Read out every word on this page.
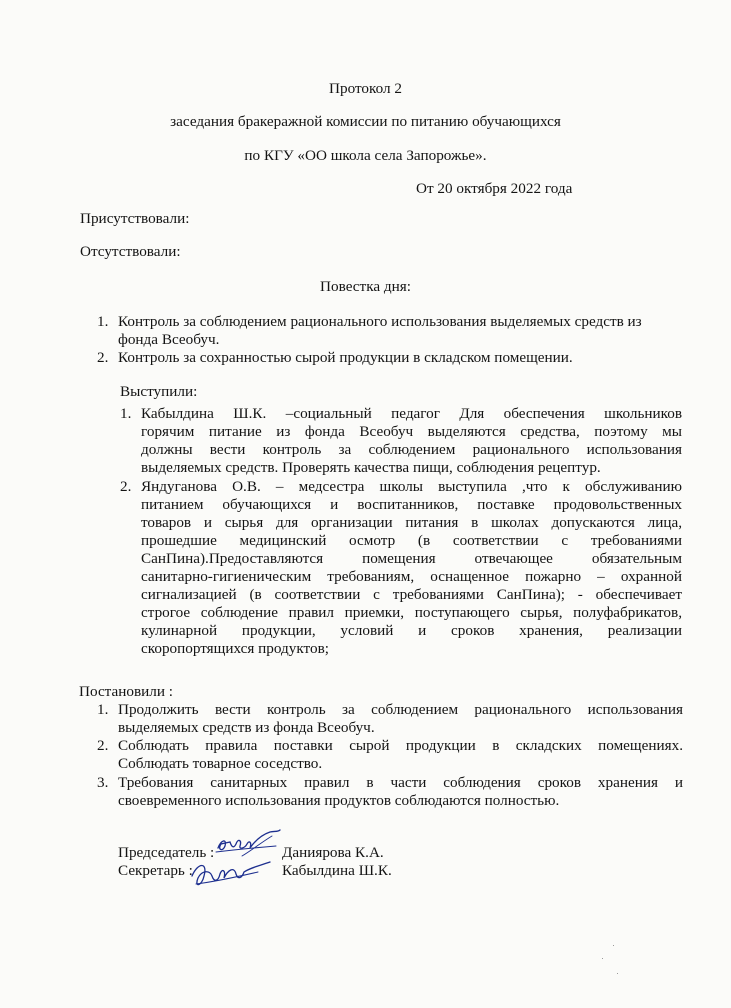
Протокол 2
заседания бракеражной комиссии по питанию обучающихся
по КГУ «ОО школа села Запорожье».
От 20 октября 2022 года
Присутствовали:
Отсутствовали:
Повестка дня:
1. Контроль за соблюдением рационального использования выделяемых средств из
фонда Всеобуч.
2. Контроль за сохранностью сырой продукции в складском помещении.
Выступили:
1. Кабылдина Ш.К. –социальный педагог Для обеспечения школьников
горячим питание из фонда Всеобуч выделяются средства, поэтому мы
должны вести контроль за соблюдением рационального использования
выделяемых средств. Проверять качества пищи, соблюдения рецептур.
2. Яндуганова О.В. – медсестра школы выступила ,что к обслуживанию
питанием обучающихся и воспитанников, поставке продовольственных
товаров и сырья для организации питания в школах допускаются лица,
прошедшие медицинский осмотр (в соответствии с требованиями
СанПина).Предоставляются помещения отвечающее обязательным
санитарно-гигиеническим требованиям, оснащенное пожарно – охранной
сигнализацией (в соответствии с требованиями СанПина); - обеспечивает
строгое соблюдение правил приемки, поступающего сырья, полуфабрикатов,
кулинарной продукции, условий и сроков хранения, реализации
скоропортящихся продуктов;
Постановили :
1. Продолжить вести контроль за соблюдением рационального использования
выделяемых средств из фонда Всеобуч.
2. Соблюдать правила поставки сырой продукции в складских помещениях.
Соблюдать товарное соседство.
3. Требования санитарных правил в части соблюдения сроков хранения и
своевременного использования продуктов соблюдаются полностью.
Председатель :	Даниярова К.А.
Секретарь :	Кабылдина Ш.К.
